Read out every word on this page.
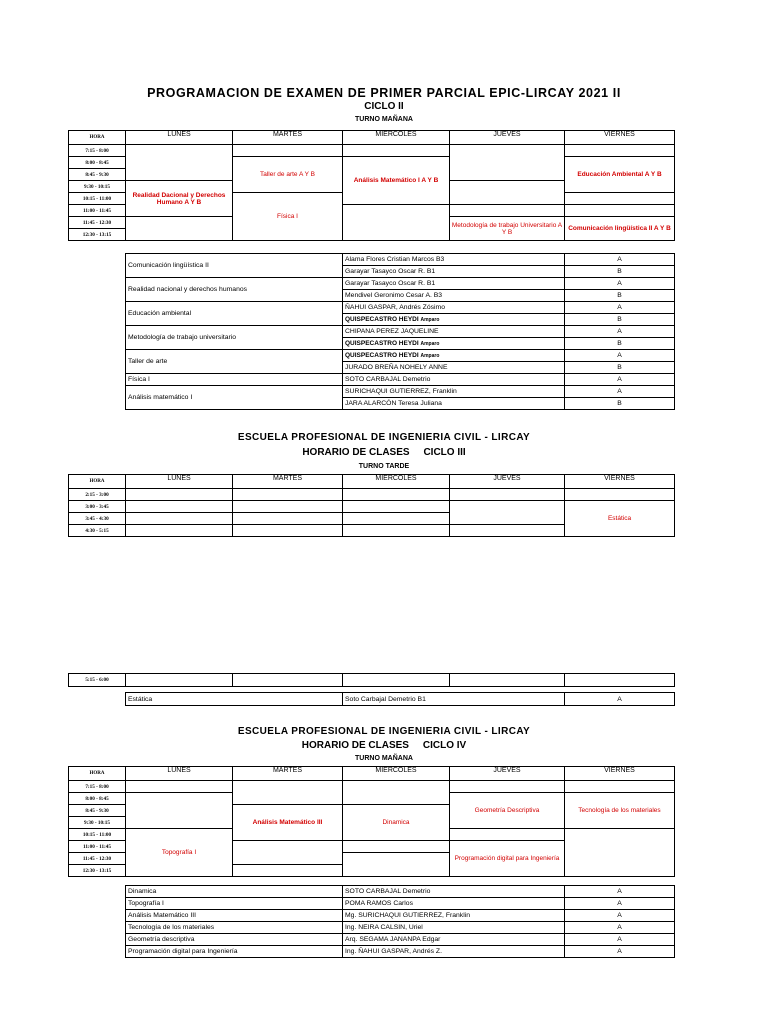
PROGRAMACION DE EXAMEN DE PRIMER PARCIAL EPIC-LIRCAY 2021 II
CICLO II
TURNO MAÑANA
HORA	LUNES	MARTES	MIERCOLES	JUEVES	VIERNES	
7:15 - 8:00						
8:00 - 8:45		Taller de arte A Y B	Análisis Matemático I A Y B		Educación Ambiental A Y B	
8:45 - 9:30						
9:30 - 10:15	Realidad Dacional y Derechos Humano A Y B					
10:15 - 11:00		Física I				
11:00 - 11:45						
11:45 - 12:30				Metodología de trabajo Universitario A Y B	Comunicación lingüística II A Y B	
12:30 - 13:15						
Comunicación lingüística II	Alama Flores Cristian Marcos B3	A
	Garayar Tasayco Oscar R. B1	B
Realidad nacional y derechos humanos	Garayar Tasayco Oscar R. B1	A
	Mendivel Geronimo Cesar A. B3	B
Educación ambiental	ÑAHUI GASPAR, Andrés Zósimo	A
	QUISPECASTRO HEYDI Amparo	B
Metodología de trabajo universitario	CHIPANA PEREZ JAQUELINE	A
	QUISPECASTRO HEYDI Amparo	B
Taller de arte	QUISPECASTRO HEYDI Amparo	A
	JURADO BREÑA NOHELY ANNE	B
Física I	SOTO CARBAJAL Demetrio	A
Análisis matemático I	SURICHAQUI GUTIERREZ, Franklin	A
	JARA ALARCÓN Teresa Juliana	B
ESCUELA PROFESIONAL DE INGENIERIA CIVIL - LIRCAY
HORARIO DE CLASES CICLO III
TURNO TARDE
HORA	LUNES	MARTES	MIERCOLES	JUEVES	VIERNES
2:15 - 3:00					
3:00 - 3:45					Estática
3:45 - 4:30					
4:30 - 5:15					
5:15 - 6:00					
Estática	Soto Carbajal Demetrio B1	A
ESCUELA PROFESIONAL DE INGENIERIA CIVIL - LIRCAY
HORARIO DE CLASES CICLO IV
TURNO MAÑANA
HORA	LUNES	MARTES	MIERCOLES	JUEVES	VIERNES
7:15 - 8:00					
8:00 - 8:45				Geometría Descriptiva	Tecnología de los materiales
8:45 - 9:30		Análisis Matemático III	Dinamica		
9:30 - 10:15					
10:15 - 11:00	Topografía I				
11:00 - 11:45				Programación digital para Ingeniería	
11:45 - 12:30					
12:30 - 13:15					
Dinamica	SOTO CARBAJAL Demetrio	A
Topografía I	POMA RAMOS Carlos	A
Análisis Matemático III	Mg. SURICHAQUI GUTIERREZ, Franklin	A
Tecnología de los materiales	Ing. NEIRA CALSIN, Uriel	A
Geometría descriptiva	Arq. SEGAMA JANANPA Edgar	A
Programación digital para Ingeniería	Ing. ÑAHUI GASPAR, Andrés Z.	A
